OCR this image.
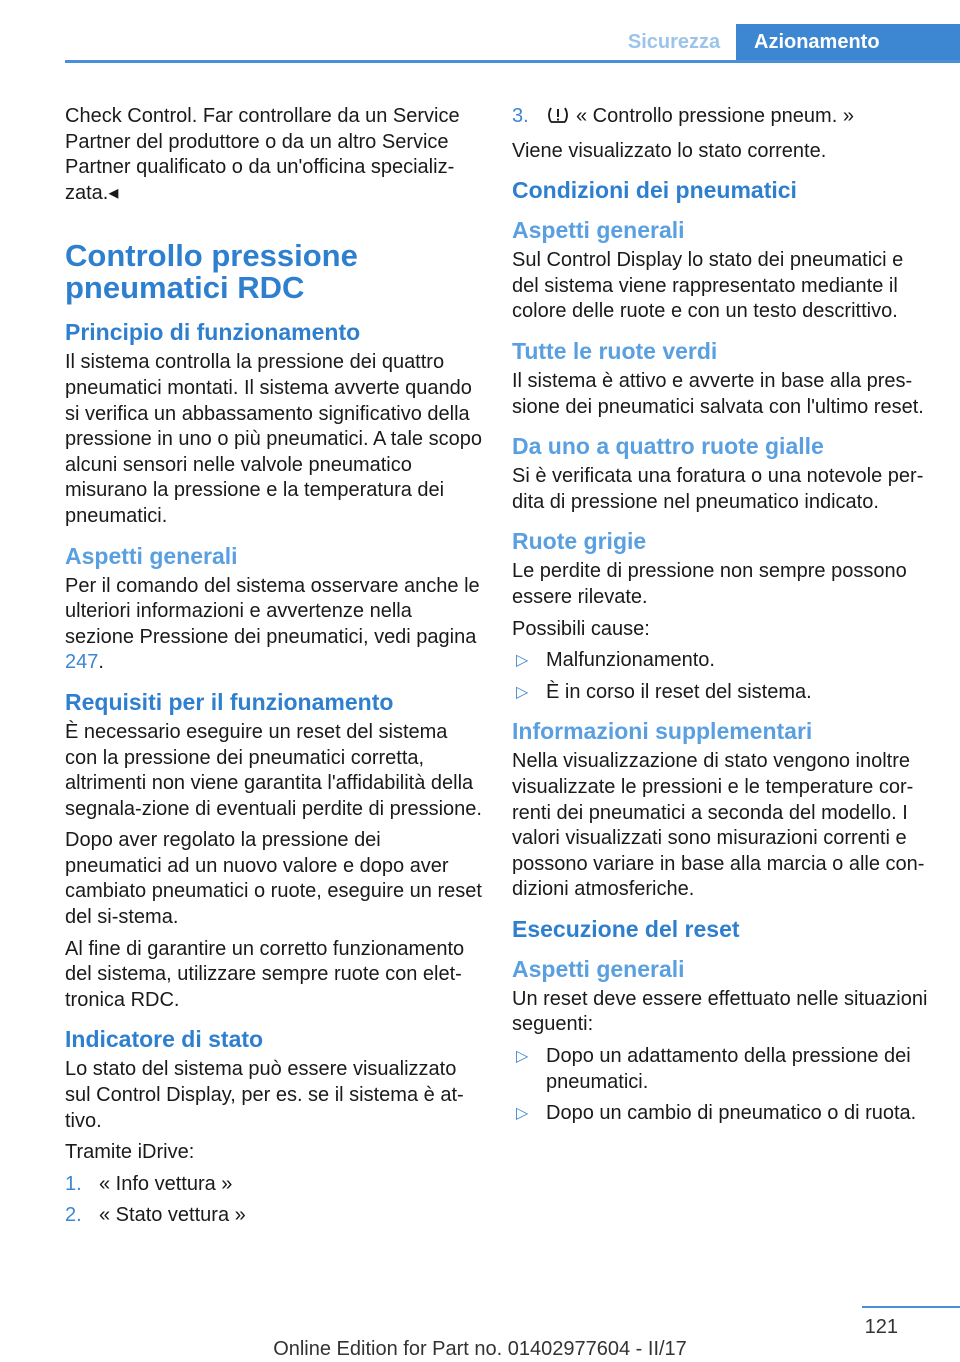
Sicurezza	Azionamento

Check Control. Far controllare da un Service Partner del produttore o da un altro Service Partner qualificato o da un'officina specializ-zata.◂

Controllo pressione pneumatici RDC
Principio di funzionamento

Il sistema controlla la pressione dei quattro pneumatici montati. Il sistema avverte quando si verifica un abbassamento significativo della pressione in uno o più pneumatici. A tale scopo alcuni sensori nelle valvole pneumatico misurano la pressione e la temperatura dei pneumatici.

Aspetti generali

Per il comando del sistema osservare anche le ulteriori informazioni e avvertenze nella sezione Pressione dei pneumatici, vedi pagina 247.

Requisiti per il funzionamento

È necessario eseguire un reset del sistema con la pressione dei pneumatici corretta, altrimenti non viene garantita l'affidabilità della segnala-zione di eventuali perdite di pressione.

Dopo aver regolato la pressione dei pneumatici ad un nuovo valore e dopo aver cambiato pneumatici o ruote, eseguire un reset del si-stema.

Al fine di garantire un corretto funzionamento del sistema, utilizzare sempre ruote con elet-tronica RDC.

Indicatore di stato

Lo stato del sistema può essere visualizzato sul Control Display, per es. se il sistema è at-tivo.

Tramite iDrive:

1. « Info vettura »
2. « Stato vettura »
3. « Controllo pressione pneum. »

Viene visualizzato lo stato corrente.

Condizioni dei pneumatici
Aspetti generali

Sul Control Display lo stato dei pneumatici e del sistema viene rappresentato mediante il colore delle ruote e con un testo descrittivo.

Tutte le ruote verdi

Il sistema è attivo e avverte in base alla pres-sione dei pneumatici salvata con l'ultimo reset.

Da uno a quattro ruote gialle

Si è verificata una foratura o una notevole per-dita di pressione nel pneumatico indicato.

Ruote grigie

Le perdite di pressione non sempre possono essere rilevate.

Possibili cause:

▷ Malfunzionamento.
▷ È in corso il reset del sistema.
Informazioni supplementari

Nella visualizzazione di stato vengono inoltre visualizzate le pressioni e le temperature cor-renti dei pneumatici a seconda del modello. I valori visualizzati sono misurazioni correnti e possono variare in base alla marcia o alle con-dizioni atmosferiche.

Esecuzione del reset
Aspetti generali

Un reset deve essere effettuato nelle situazioni seguenti:

▷ Dopo un adattamento della pressione dei pneumatici.
▷ Dopo un cambio di pneumatico o di ruota.
121
Online Edition for Part no. 01402977604 - II/17
